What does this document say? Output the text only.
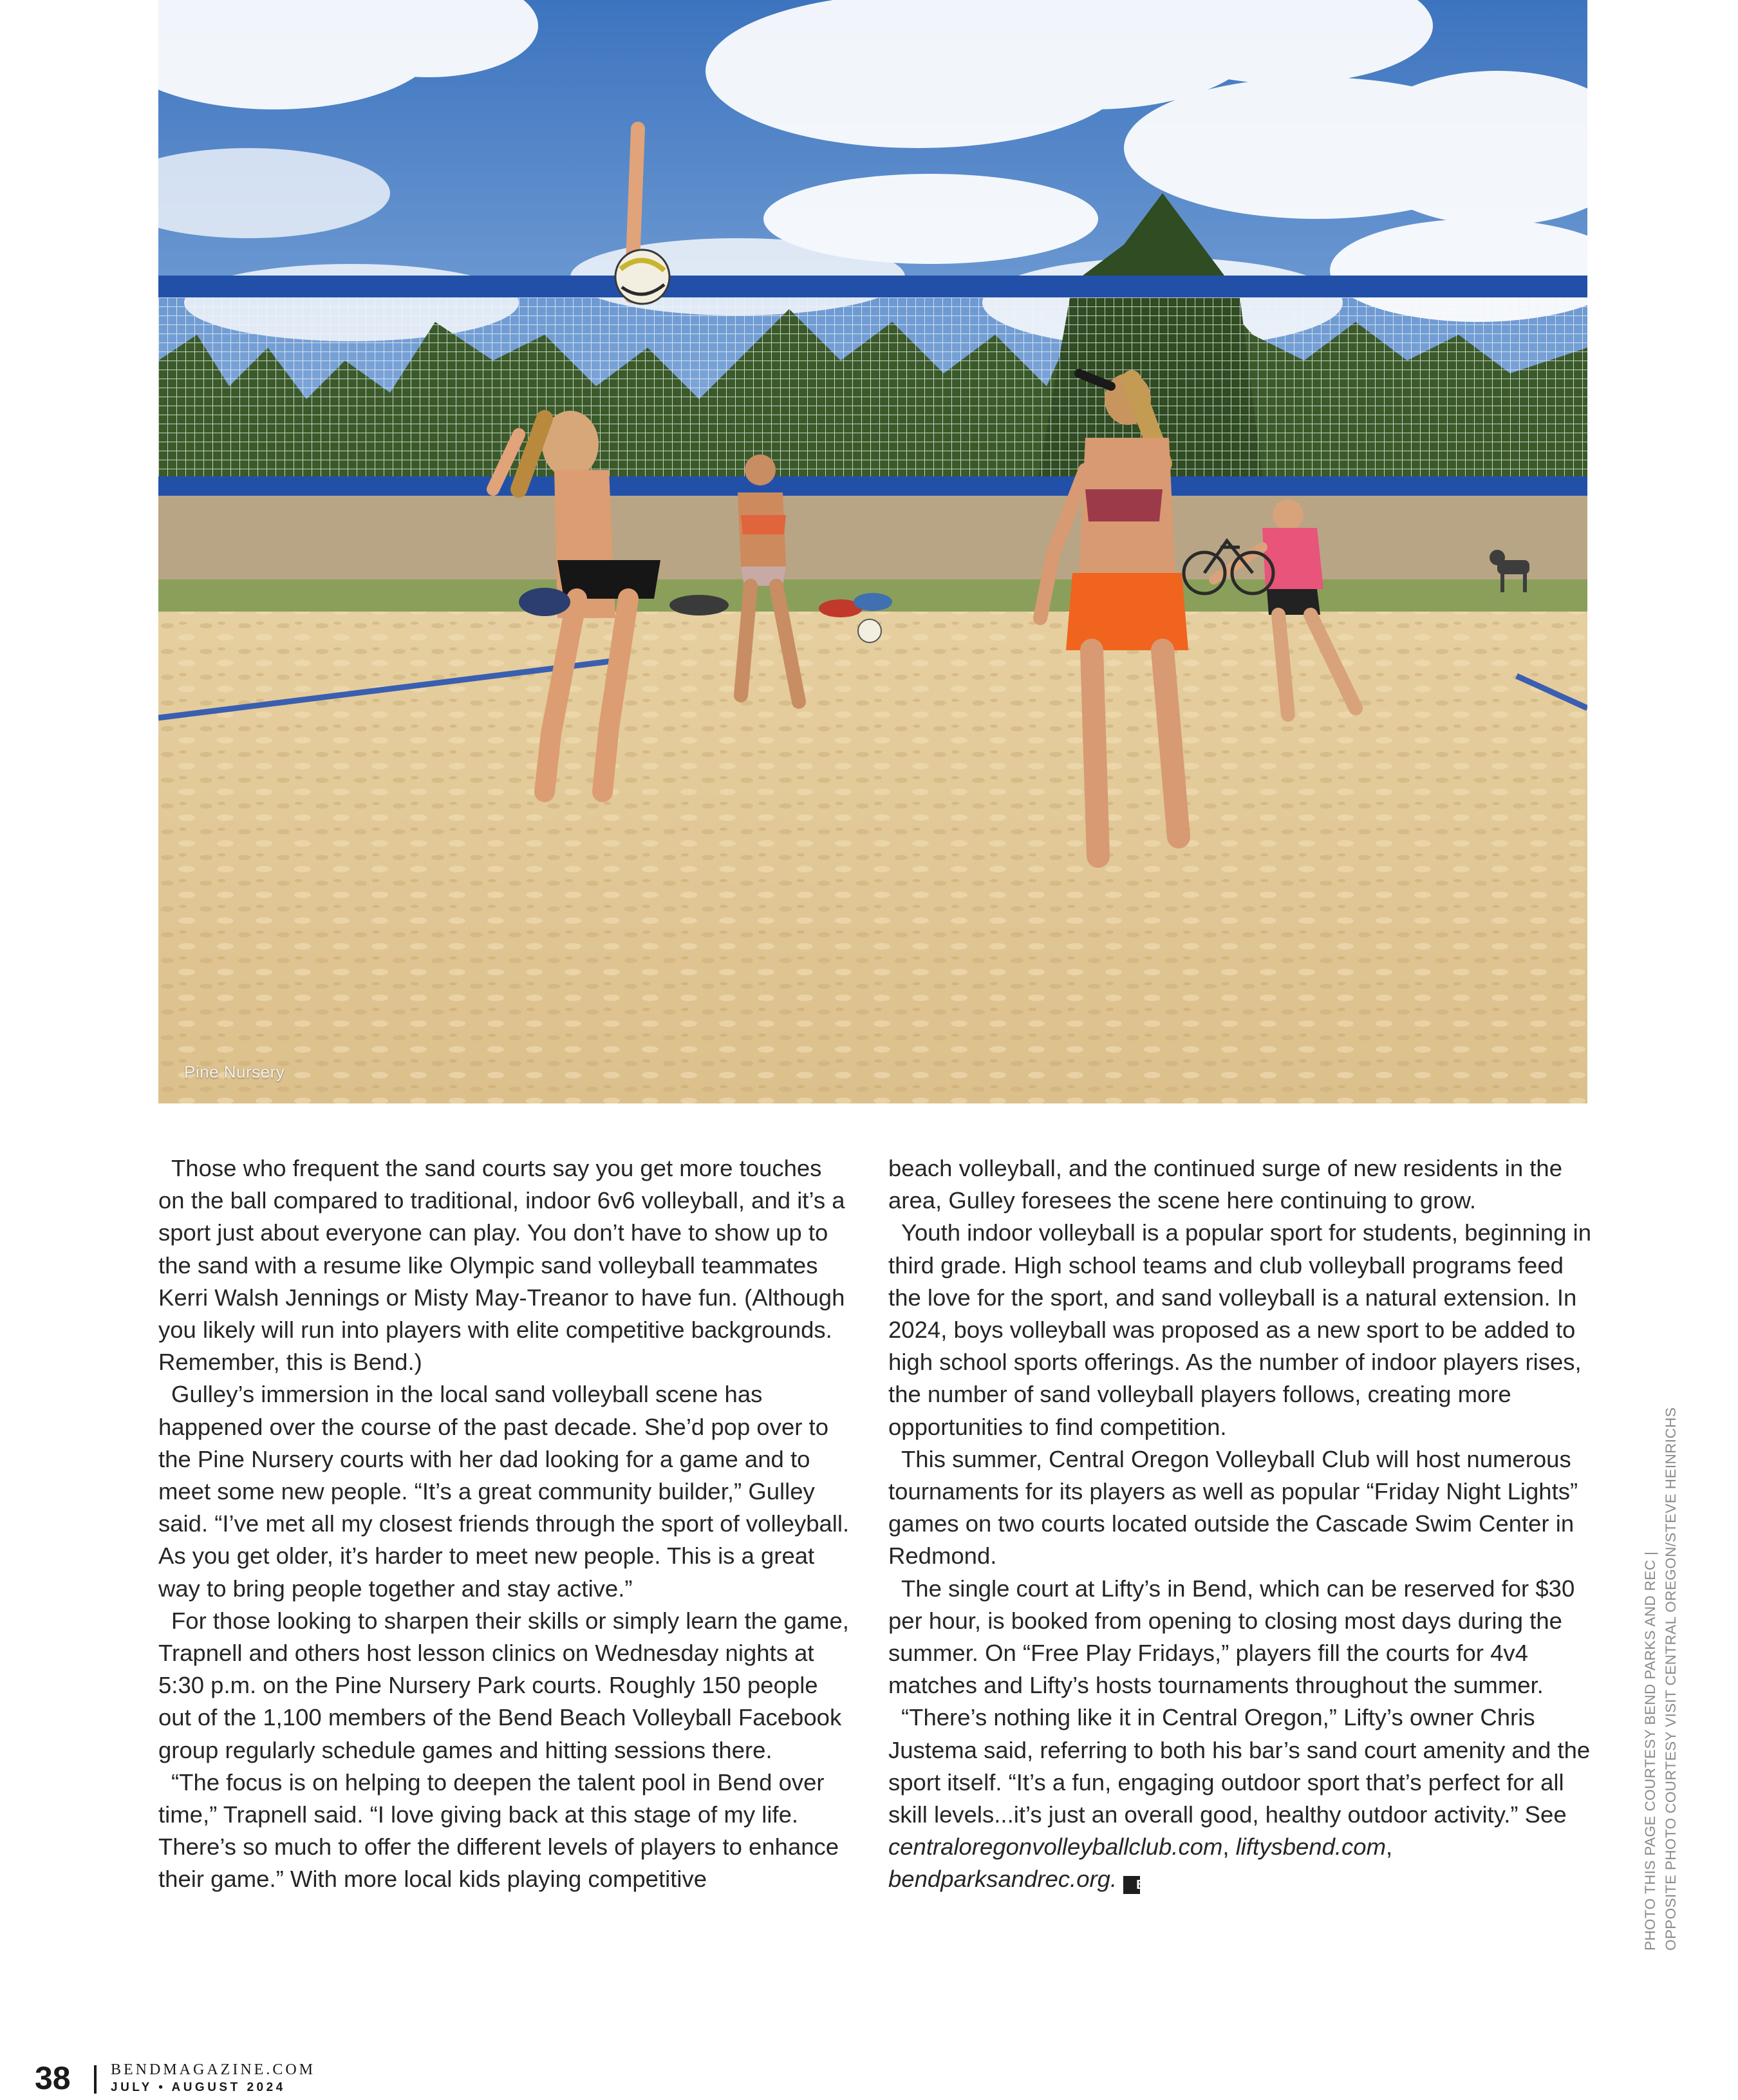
Pine Nursery

Those who frequent the sand courts say you get more touches on the ball compared to traditional, indoor 6v6 volleyball, and it’s a sport just about everyone can play. You don’t have to show up to the sand with a resume like Olympic sand volleyball teammates Kerri Walsh Jennings or Misty May-Treanor to have fun. (Although you likely will run into players with elite competitive backgrounds. Remember, this is Bend.)

Gulley’s immersion in the local sand volleyball scene has happened over the course of the past decade. She’d pop over to the Pine Nursery courts with her dad looking for a game and to meet some new people. “It’s a great community builder,” Gulley said. “I’ve met all my closest friends through the sport of volleyball. As you get older, it’s harder to meet new people. This is a great way to bring people together and stay active.”

For those looking to sharpen their skills or simply learn the game, Trapnell and others host lesson clinics on Wednesday nights at 5:30 p.m. on the Pine Nursery Park courts. Roughly 150 people out of the 1,100 members of the Bend Beach Volleyball Facebook group regularly schedule games and hitting sessions there.

“The focus is on helping to deepen the talent pool in Bend over time,” Trapnell said. “I love giving back at this stage of my life. There’s so much to offer the different levels of players to enhance their game.” With more local kids playing competitive

beach volleyball, and the continued surge of new residents in the area, Gulley foresees the scene here continuing to grow.

Youth indoor volleyball is a popular sport for students, beginning in third grade. High school teams and club volleyball programs feed the love for the sport, and sand volleyball is a natural extension. In 2024, boys volleyball was proposed as a new sport to be added to high school sports offerings. As the number of indoor players rises, the number of sand volleyball players follows, creating more opportunities to find competition.

This summer, Central Oregon Volleyball Club will host numerous tournaments for its players as well as popular “Friday Night Lights” games on two courts located outside the Cascade Swim Center in Redmond.

The single court at Lifty’s in Bend, which can be reserved for $30 per hour, is booked from opening to closing most days during the summer. On “Free Play Fridays,” players fill the courts for 4v4 matches and Lifty’s hosts tournaments throughout the summer.

“There’s nothing like it in Central Oregon,” Lifty’s owner Chris Justema said, referring to both his bar’s sand court amenity and the sport itself. “It’s a fun, engaging outdoor sport that’s perfect for all skill levels...it’s just an overall good, healthy outdoor activity.” See centraloregonvolleyballclub.com, liftysbend.com, bendparksandrec.org. B	PHOTO THIS PAGE COURTESY BEND PARKS AND REC | OPPOSITE PHOTO COURTESY VISIT CENTRAL OREGON/STEVE HEINRICHS
38	BENDMAGAZINE.COM
JULY • AUGUST 2024
